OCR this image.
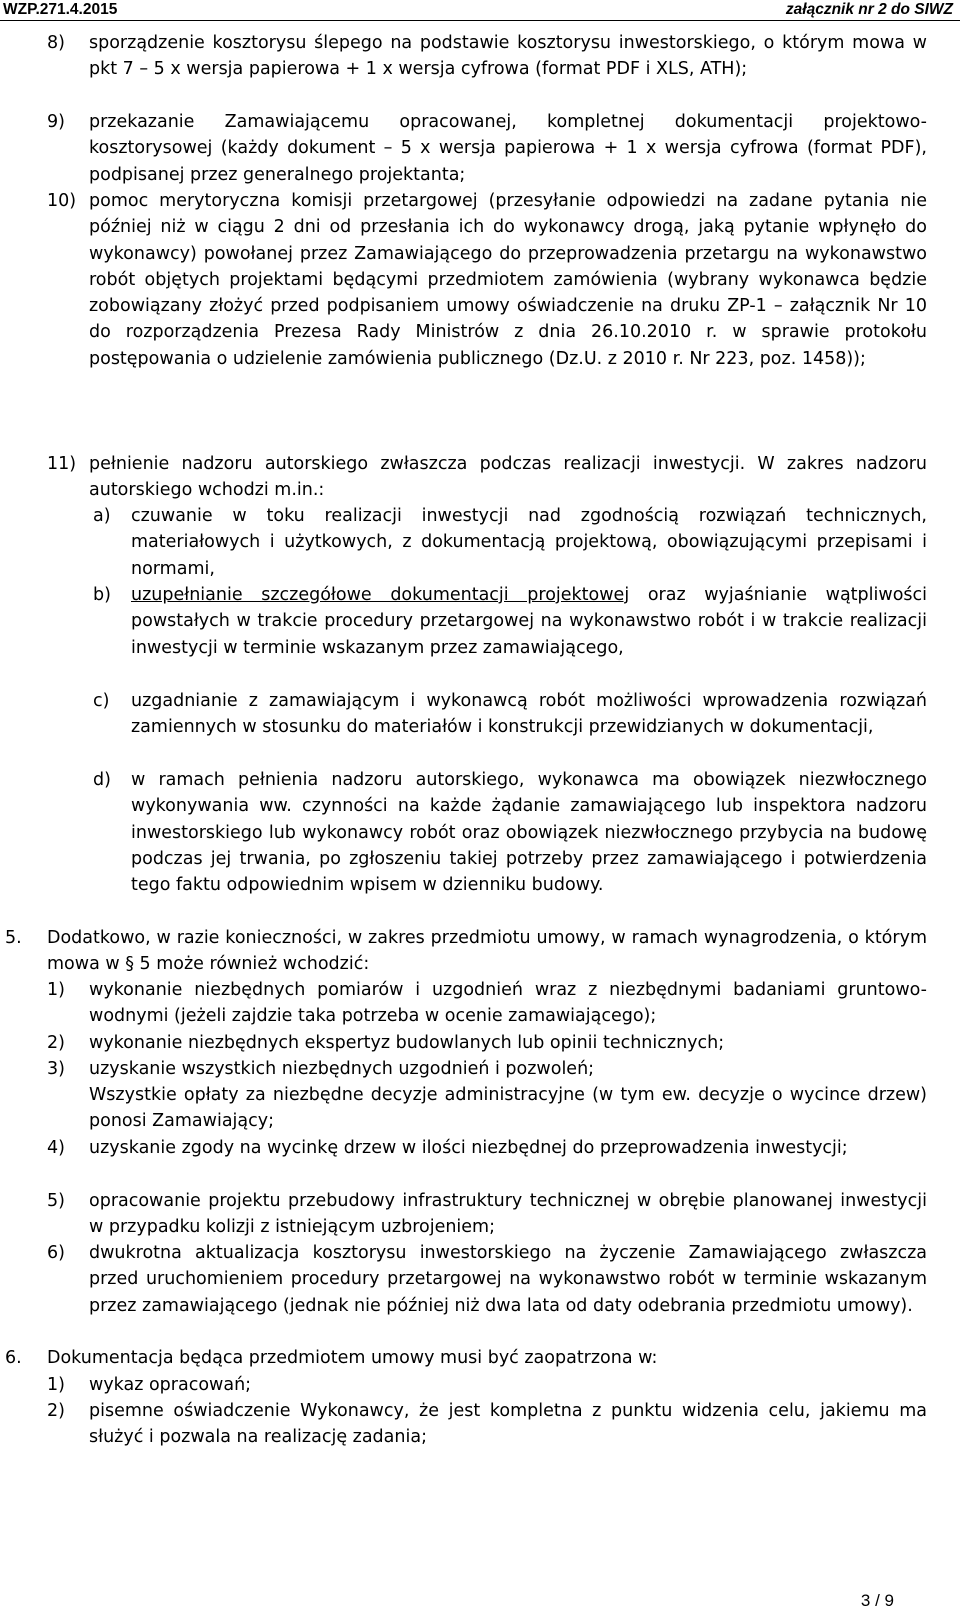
WZP.271.4.2015	załącznik nr 2 do SIWZ
8) sporządzenie kosztorysu ślepego na podstawie kosztorysu inwestorskiego, o którym mowa w pkt 7 – 5 x wersja papierowa + 1 x wersja cyfrowa (format PDF i XLS, ATH);
9) przekazanie Zamawiającemu opracowanej, kompletnej dokumentacji projektowo-kosztorysowej (każdy dokument – 5 x wersja papierowa + 1 x wersja cyfrowa (format PDF), podpisanej przez generalnego projektanta;
10) pomoc merytoryczna komisji przetargowej (przesyłanie odpowiedzi na zadane pytania nie później niż w ciągu 2 dni od przesłania ich do wykonawcy drogą, jaką pytanie wpłynęło do wykonawcy) powołanej przez Zamawiającego do przeprowadzenia przetargu na wykonawstwo robót objętych projektami będącymi przedmiotem zamówienia (wybrany wykonawca będzie zobowiązany złożyć przed podpisaniem umowy oświadczenie na druku ZP-1 – załącznik Nr 10 do rozporządzenia Prezesa Rady Ministrów z dnia 26.10.2010 r. w sprawie protokołu postępowania o udzielenie zamówienia publicznego (Dz.U. z 2010 r. Nr 223, poz. 1458));
11) pełnienie nadzoru autorskiego zwłaszcza podczas realizacji inwestycji. W zakres nadzoru autorskiego wchodzi m.in.:
a) czuwanie w toku realizacji inwestycji nad zgodnością rozwiązań technicznych, materiałowych i użytkowych, z dokumentacją projektową, obowiązującymi przepisami i normami,
b) uzupełnianie szczegółowe dokumentacji projektowej oraz wyjaśnianie wątpliwości powstałych w trakcie procedury przetargowej na wykonawstwo robót i w trakcie realizacji inwestycji w terminie wskazanym przez zamawiającego,
c) uzgadnianie z zamawiającym i wykonawcą robót możliwości wprowadzenia rozwiązań zamiennych w stosunku do materiałów i konstrukcji przewidzianych w dokumentacji,
d) w ramach pełnienia nadzoru autorskiego, wykonawca ma obowiązek niezwłocznego wykonywania ww. czynności na każde żądanie zamawiającego lub inspektora nadzoru inwestorskiego lub wykonawcy robót oraz obowiązek niezwłocznego przybycia na budowę podczas jej trwania, po zgłoszeniu takiej potrzeby przez zamawiającego i potwierdzenia tego faktu odpowiednim wpisem w dzienniku budowy.
5. Dodatkowo, w razie konieczności, w zakres przedmiotu umowy, w ramach wynagrodzenia, o którym mowa w § 5 może również wchodzić:
1) wykonanie niezbędnych pomiarów i uzgodnień wraz z niezbędnymi badaniami gruntowo-wodnymi (jeżeli zajdzie taka potrzeba w ocenie zamawiającego);
2) wykonanie niezbędnych ekspertyz budowlanych lub opinii technicznych;
3) uzyskanie wszystkich niezbędnych uzgodnień i pozwoleń;
Wszystkie opłaty za niezbędne decyzje administracyjne (w tym ew. decyzje o wycince drzew) ponosi Zamawiający;
4) uzyskanie zgody na wycinkę drzew w ilości niezbędnej do przeprowadzenia inwestycji;
5) opracowanie projektu przebudowy infrastruktury technicznej w obrębie planowanej inwestycji w przypadku kolizji z istniejącym uzbrojeniem;
6) dwukrotna aktualizacja kosztorysu inwestorskiego na życzenie Zamawiającego zwłaszcza przed uruchomieniem procedury przetargowej na wykonawstwo robót w terminie wskazanym przez zamawiającego (jednak nie później niż dwa lata od daty odebrania przedmiotu umowy).
6. Dokumentacja będąca przedmiotem umowy musi być zaopatrzona w:
1) wykaz opracowań;
2) pisemne oświadczenie Wykonawcy, że jest kompletna z punktu widzenia celu, jakiemu ma służyć i pozwala na realizację zadania;
3 / 9
